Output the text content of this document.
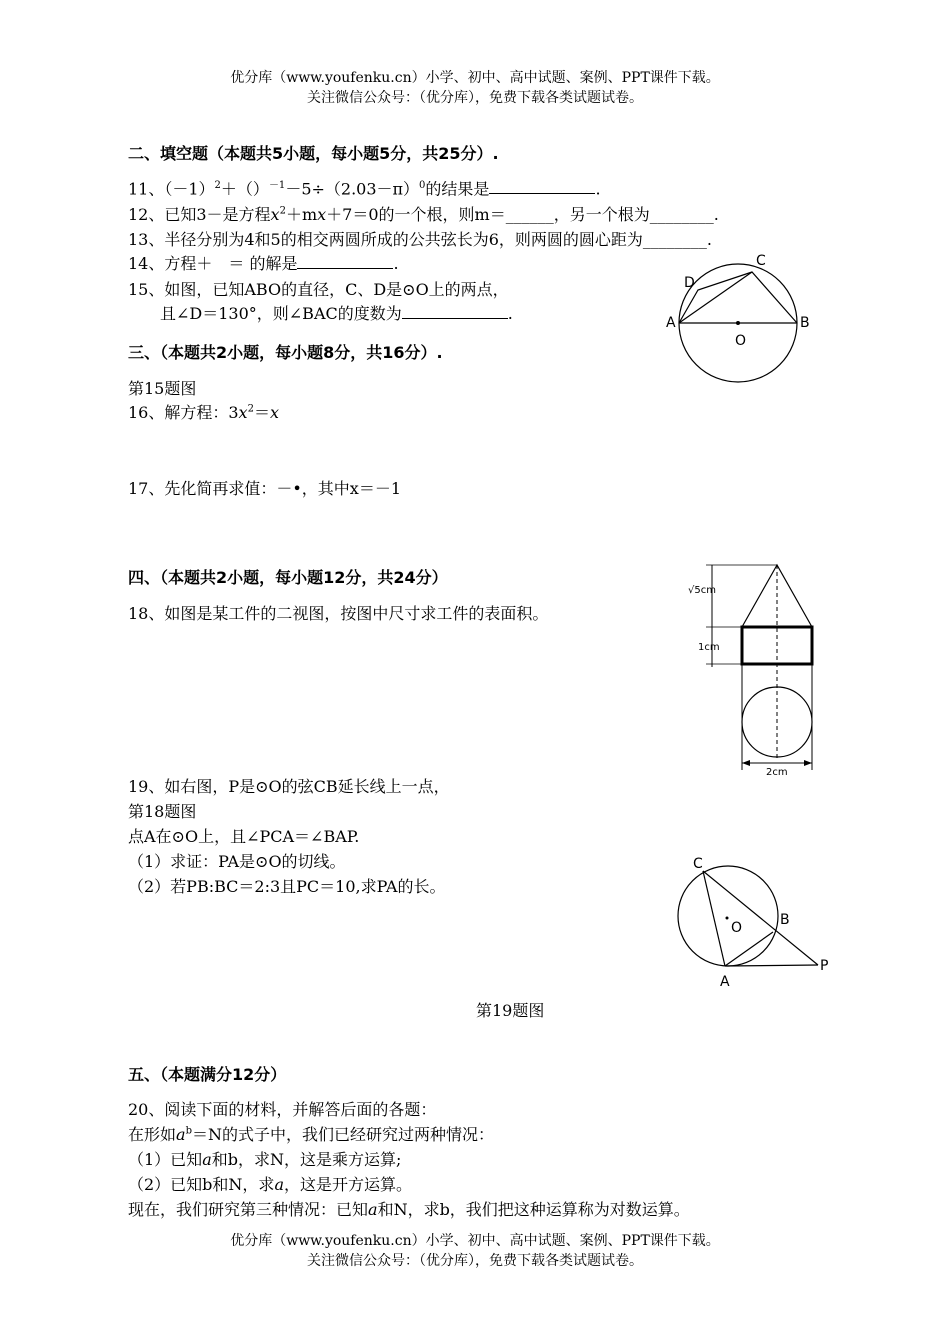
优分库（www.youfenku.cn）小学、初中、高中试题、案例、PPT课件下载。
关注微信公众号：（优分库），免费下载各类试题试卷。
二、填空题（本题共5小题，每小题5分，共25分）.
11、$(-1)^2+()^{-1}-5\div(2.03-\pi)^0$的结果是	.
12、已知3－是方程$x^2+mx+7=0$的一个根，则m＝______，另一个根为________.
13、半径分别为4和5的相交两圆所成的公共弦长为6，则两圆的圆心距为________.
14、方程＋　＝ 的解是	.
15、如图，已知ABO的直径，C、D是⊙O上的两点，
且∠D＝130°，则∠BAC的度数为	.	A	B
C
D
O
三、（本题共2小题，每小题8分，共16分）.
第15题图
16、解方程：$3x^2=x$
17、先化简再求值：－•，其中x＝－1
四、（本题共2小题，每小题12分，共24分）
18、如图是某工件的二视图，按图中尺寸求工件的表面积。
√5cm
1cm
2cm
19、如右图，P是⊙O的弦CB延长线上一点，
第18题图
点A在⊙O上，且∠PCA＝∠BAP.
（1）求证：PA是⊙O的切线。
（2）若PB:BC＝2:3且PC＝10,求PA的长。
C
B
O
P
A
第19题图
五、（本题满分12分）
20、阅读下面的材料，并解答后面的各题：
在形如$a^b=N$的式子中，我们已经研究过两种情况：
（1）已知a和b，求N，这是乘方运算;
（2）已知b和N，求a，这是开方运算。
现在，我们研究第三种情况：已知a和N，求b，我们把这种运算称为对数运算。
优分库（www.youfenku.cn）小学、初中、高中试题、案例、PPT课件下载。
关注微信公众号：（优分库），免费下载各类试题试卷。
